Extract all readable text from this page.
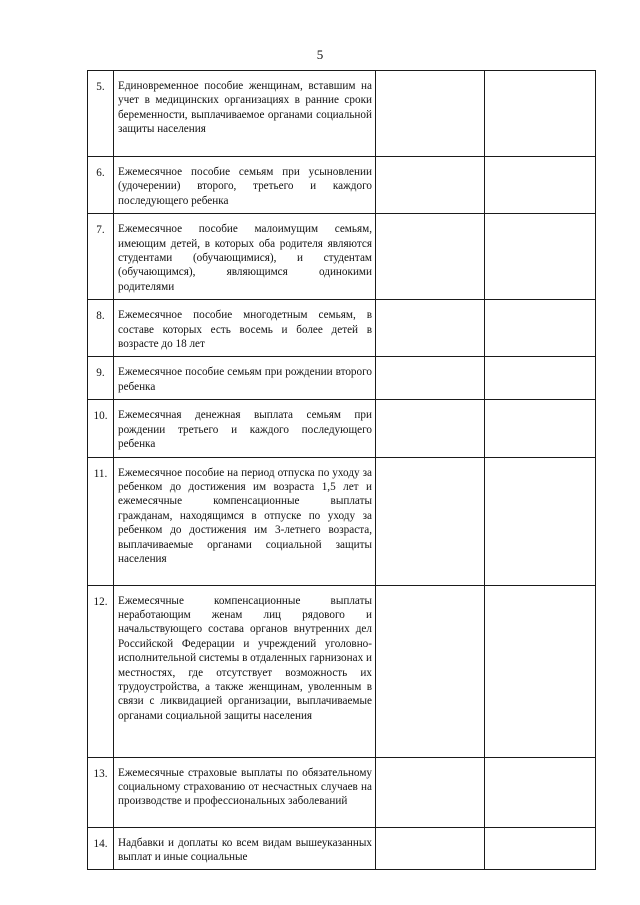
5
5.	Единовременное пособие женщинам, вставшим на учет в медицинских организациях в ранние сроки беременности, выплачиваемое органами социальной защиты населения		
6.	Ежемесячное пособие семьям при усыновлении (удочерении) второго, третьего и каждого последующего ребенка		
7.	Ежемесячное пособие малоимущим семьям, имеющим детей, в которых оба родителя являются студентами (обучающимися), и студентам (обучающимся), являющимся одинокими родителями		
8.	Ежемесячное пособие многодетным семьям, в составе которых есть восемь и более детей в возрасте до 18 лет		
9.	Ежемесячное пособие семьям при рождении второго ребенка		
10.	Ежемесячная денежная выплата семьям при рождении третьего и каждого последующего ребенка		
11.	Ежемесячное пособие на период отпуска по уходу за ребенком до достижения им возраста 1,5 лет и ежемесячные компенсационные выплаты гражданам, находящимся в отпуске по уходу за ребенком до достижения им 3-летнего возраста, выплачиваемые органами социальной защиты населения		
12.	Ежемесячные компенсационные выплаты неработающим женам лиц рядового и начальствующего состава органов внутренних дел Российской Федерации и учреждений уголовно-исполнительной системы в отдаленных гарнизонах и местностях, где отсутствует возможность их трудоустройства, а также женщинам, уволенным в связи с ликвидацией организации, выплачиваемые органами социальной защиты населения		
13.	Ежемесячные страховые выплаты по обязательному социальному страхованию от несчастных случаев на производстве и профессиональных заболеваний		
14.	Надбавки и доплаты ко всем видам вышеуказанных выплат и иные социальные		
